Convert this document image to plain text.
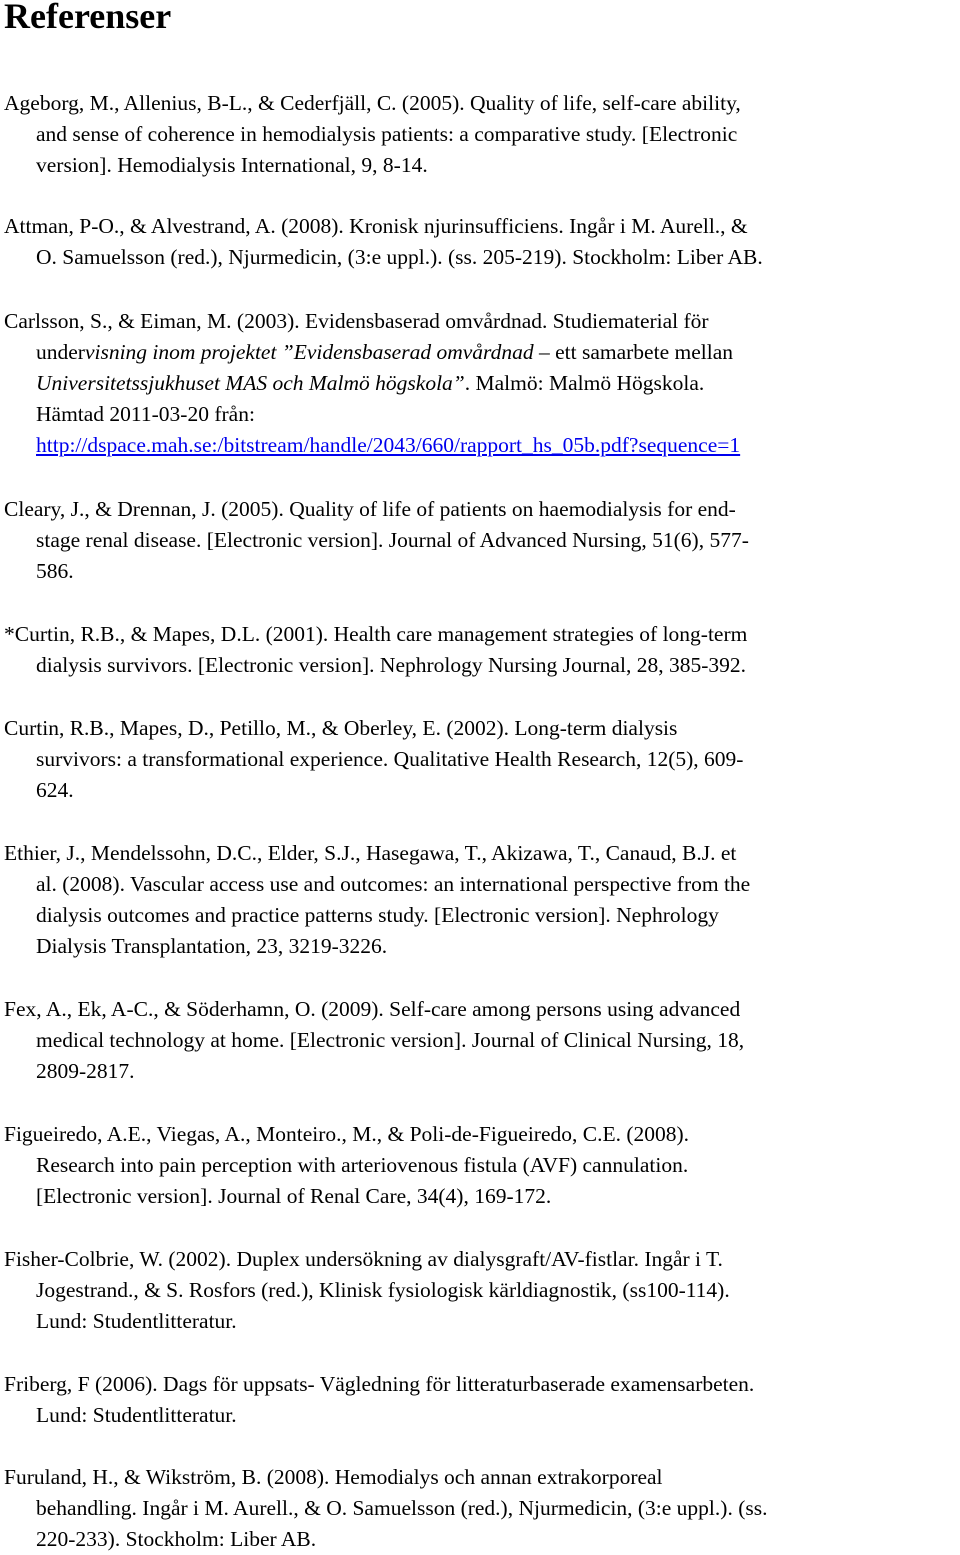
Referenser
Ageborg, M., Allenius, B-L., & Cederfjäll, C. (2005). Quality of life, self-care ability,
and sense of coherence in hemodialysis patients: a comparative study. [Electronic
version]. Hemodialysis International, 9, 8-14.
Attman, P-O., & Alvestrand, A. (2008). Kronisk njurinsufficiens. Ingår i M. Aurell., &
O. Samuelsson (red.), Njurmedicin, (3:e uppl.). (ss. 205-219). Stockholm: Liber AB.
Carlsson, S., & Eiman, M. (2003). Evidensbaserad omvårdnad. Studiematerial för
undervisning inom projektet ”Evidensbaserad omvårdnad – ett samarbete mellan
Universitetssjukhuset MAS och Malmö högskola”. Malmö: Malmö Högskola.
Hämtad 2011-03-20 från:
http://dspace.mah.se:/bitstream/handle/2043/660/rapport_hs_05b.pdf?sequence=1
Cleary, J., & Drennan, J. (2005). Quality of life of patients on haemodialysis for end-
stage renal disease. [Electronic version]. Journal of Advanced Nursing, 51(6), 577-
586.
*Curtin, R.B., & Mapes, D.L. (2001). Health care management strategies of long-term
dialysis survivors. [Electronic version]. Nephrology Nursing Journal, 28, 385-392.
Curtin, R.B., Mapes, D., Petillo, M., & Oberley, E. (2002). Long-term dialysis
survivors: a transformational experience. Qualitative Health Research, 12(5), 609-
624.
Ethier, J., Mendelssohn, D.C., Elder, S.J., Hasegawa, T., Akizawa, T., Canaud, B.J. et
al. (2008). Vascular access use and outcomes: an international perspective from the
dialysis outcomes and practice patterns study. [Electronic version]. Nephrology
Dialysis Transplantation, 23, 3219-3226.
Fex, A., Ek, A-C., & Söderhamn, O. (2009). Self-care among persons using advanced
medical technology at home. [Electronic version]. Journal of Clinical Nursing, 18,
2809-2817.
Figueiredo, A.E., Viegas, A., Monteiro., M., & Poli-de-Figueiredo, C.E. (2008).
Research into pain perception with arteriovenous fistula (AVF) cannulation.
[Electronic version]. Journal of Renal Care, 34(4), 169-172.
Fisher-Colbrie, W. (2002). Duplex undersökning av dialysgraft/AV-fistlar. Ingår i T.
Jogestrand., & S. Rosfors (red.), Klinisk fysiologisk kärldiagnostik, (ss100-114).
Lund: Studentlitteratur.
Friberg, F (2006). Dags för uppsats- Vägledning för litteraturbaserade examensarbeten.
Lund: Studentlitteratur.
Furuland, H., & Wikström, B. (2008). Hemodialys och annan extrakorporeal
behandling. Ingår i M. Aurell., & O. Samuelsson (red.), Njurmedicin, (3:e uppl.). (ss.
220-233). Stockholm: Liber AB.
